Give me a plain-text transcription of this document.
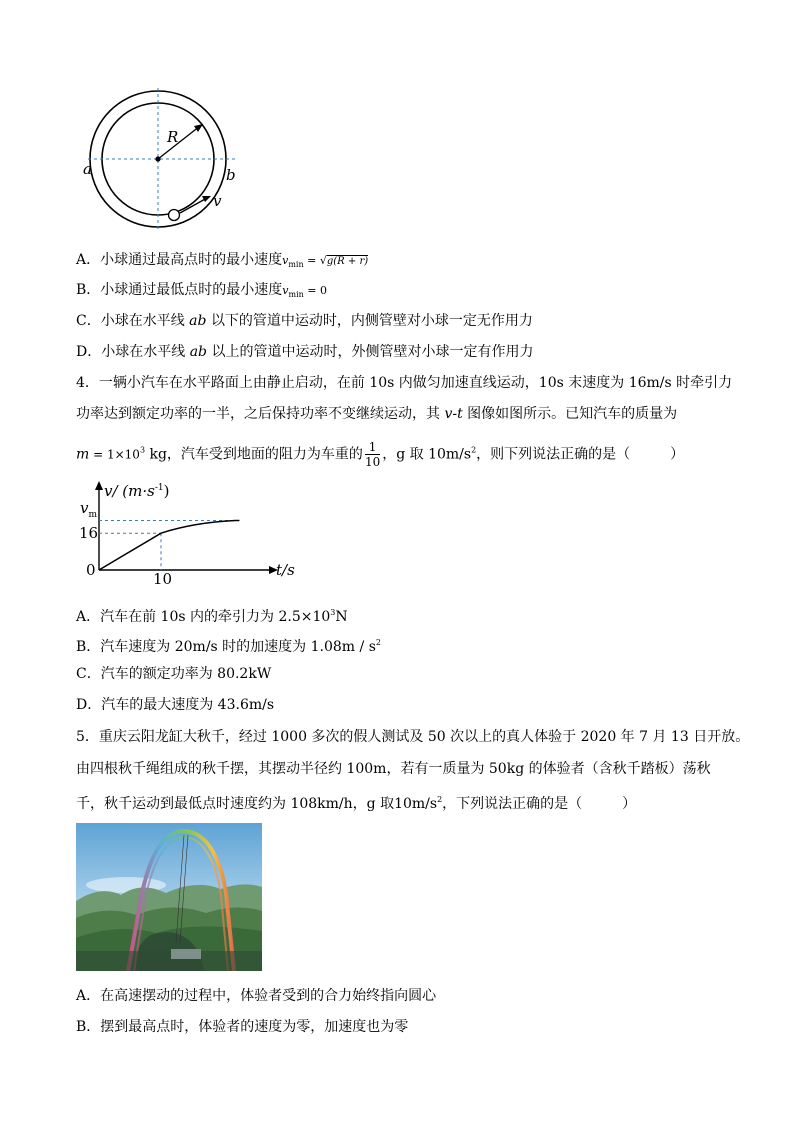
R
a	b
v
A．小球通过最高点时的最小速度$v_{min} = √g(R + r)$
B．小球通过最低点时的最小速度$v_{min} = 0$
C．小球在水平线 ab 以下的管道中运动时，内侧管壁对小球一定无作用力
D．小球在水平线 ab 以上的管道中运动时，外侧管壁对小球一定有作用力
4．一辆小汽车在水平路面上由静止启动，在前 10s 内做匀加速直线运动，10s 末速度为 16m/s 时牵引力
功率达到额定功率的一半，之后保持功率不变继续运动，其 v-t 图像如图所示。已知汽车的质量为
$m = 1\times 10^3$ kg，汽车受到地面的阻力为车重的 $\frac{1}{10}$ ，g 取 $10m/s^2$，则下列说法正确的是（	）
v/ $(m\cdot s^{-1})$
t/s
$v_m$
16
0	10
A．汽车在前 10s 内的牵引力为 $2.5\times 10^3N$
B．汽车速度为 20m/s 时的加速度为 $1.08m / s^2$
C．汽车的额定功率为 80.2kW
D．汽车的最大速度为 43.6m/s
5．重庆云阳龙缸大秋千，经过 1000 多次的假人测试及 50 次以上的真人体验于 2020 年 7 月 13 日开放。
由四根秋千绳组成的秋千摆，其摆动半径约 100m，若有一质量为 50kg 的体验者（含秋千踏板）荡秋
千，秋千运动到最低点时速度约为 108km/h，g 取$10m/s^2$，下列说法正确的是（	）
A．在高速摆动的过程中，体验者受到的合力始终指向圆心
B．摆到最高点时，体验者的速度为零，加速度也为零
